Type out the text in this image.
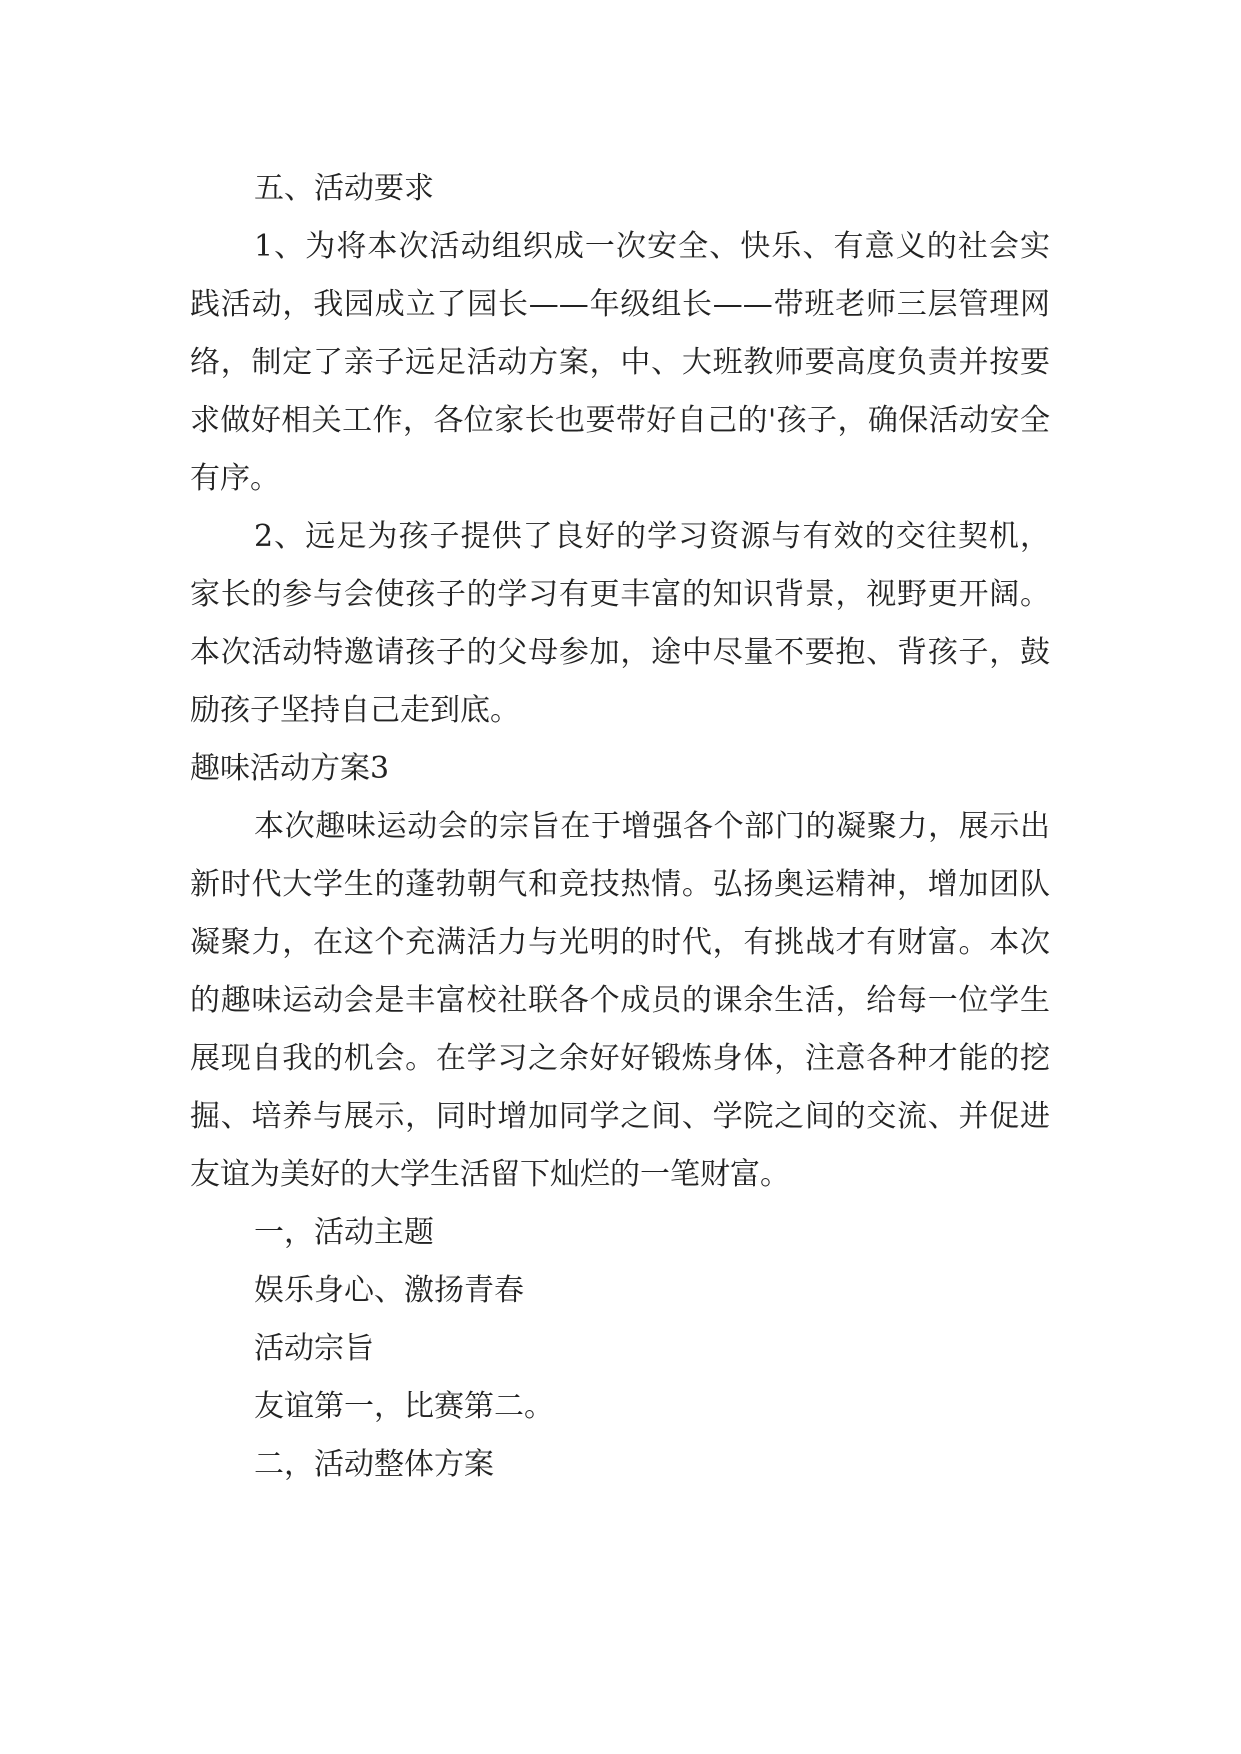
五、活动要求

1、为将本次活动组织成一次安全、快乐、有意义的社会实践活动，我园成立了园长——年级组长——带班老师三层管理网络，制定了亲子远足活动方案，中、大班教师要高度负责并按要求做好相关工作，各位家长也要带好自己的'孩子，确保活动安全有序。

2、远足为孩子提供了良好的学习资源与有效的交往契机，家长的参与会使孩子的学习有更丰富的知识背景，视野更开阔。本次活动特邀请孩子的父母参加，途中尽量不要抱、背孩子，鼓励孩子坚持自己走到底。

趣味活动方案3

本次趣味运动会的宗旨在于增强各个部门的凝聚力，展示出新时代大学生的蓬勃朝气和竞技热情。弘扬奥运精神，增加团队凝聚力，在这个充满活力与光明的时代，有挑战才有财富。本次的趣味运动会是丰富校社联各个成员的课余生活，给每一位学生展现自我的机会。在学习之余好好锻炼身体，注意各种才能的挖掘、培养与展示，同时增加同学之间、学院之间的交流、并促进友谊为美好的大学生活留下灿烂的一笔财富。

一，活动主题

娱乐身心、激扬青春

活动宗旨

友谊第一，比赛第二。

二，活动整体方案
